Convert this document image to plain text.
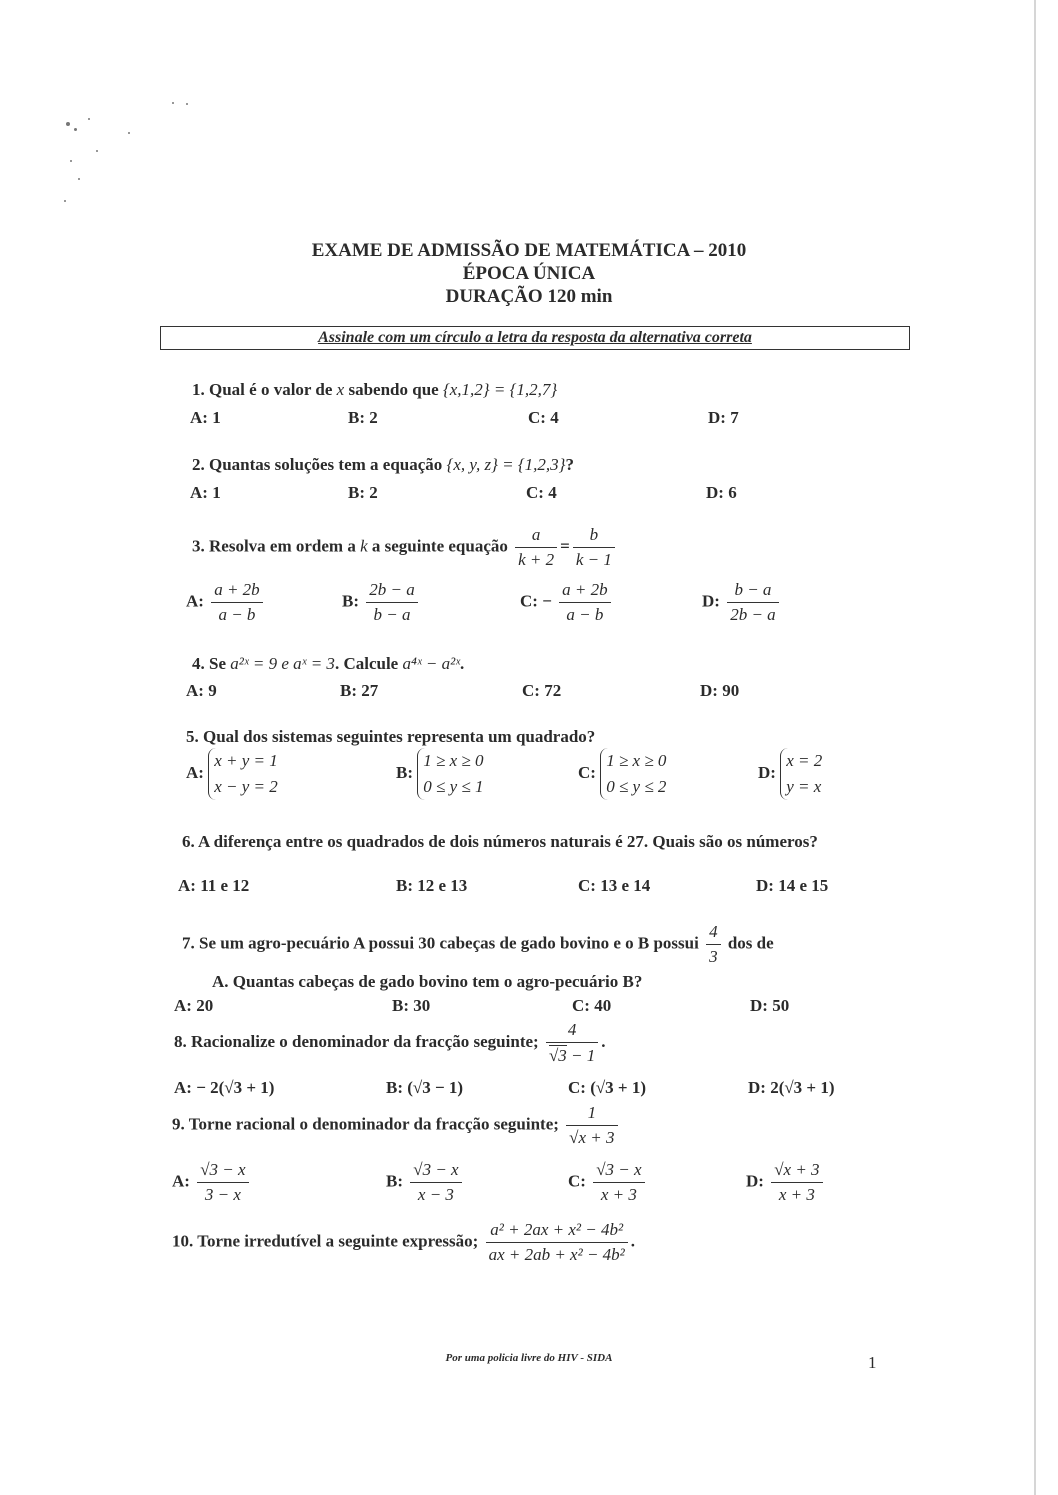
EXAME DE ADMISSÃO DE MATEMÁTICA – 2010
ÉPOCA ÚNICA
DURAÇÃO 120 min
Assinale com um círculo a letra da resposta da alternativa correta
1. Qual é o valor de x sabendo que {x,1,2} = {1,2,7}
A: 1	B: 2	C: 4	D: 7
2. Quantas soluções tem a equação {x, y, z} = {1,2,3}?
A: 1	B: 2	C: 4	D: 6
3. Resolva em ordem a k a seguinte equação $\frac{a}{k + 2} = \frac{b}{k - 1}$
A: $\frac{a + 2b}{a - b}$	B: $\frac{2b - a}{b - a}$	C: − $\frac{a + 2b}{a - b}$	D: $\frac{b - a}{2b - a}$
4. Se a²ˣ = 9 e aˣ = 3. Calcule a⁴ˣ − a²ˣ.
A: 9	B: 27	C: 72	D: 90
5. Qual dos sistemas seguintes representa um quadrado?
A:
x + y = 1
x − y = 2
B:
1 ≥ x ≥ 0
0 ≤ y ≤ 1
C:
1 ≥ x ≥ 0
0 ≤ y ≤ 2
D:
x = 2
y = x
6. A diferença entre os quadrados de dois números naturais é 27. Quais são os números?
A: 11 e 12	B: 12 e 13	C: 13 e 14	D: 14 e 15
7. Se um agro-pecuário A possui 30 cabeças de gado bovino e o B possui $\frac{4}{3}$ dos de
A. Quantas cabeças de gado bovino tem o agro-pecuário B?
A: 20	B: 30	C: 40	D: 50
8. Racionalize o denominador da fracção seguinte; $\frac{4}{√3 - 1}$ .
A: − 2(√3 + 1)	B: (√3 − 1)	C: (√3 + 1)	D: 2(√3 + 1)
9. Torne racional o denominador da fracção seguinte; $\frac{1}{√x + 3}$
A: $\frac{√3 - x}{3 - x}$	B: $\frac{√3 - x}{x - 3}$	C: $\frac{√3 - x}{x + 3}$	D: $\frac{√x + 3}{x + 3}$
10. Torne irredutível a seguinte expressão; $\frac{\text{a² + 2ax + x² − 4b²}}{\text{ax + 2ab + x² − 4b²}}$ .
Por uma policia livre do HIV - SIDA	1
